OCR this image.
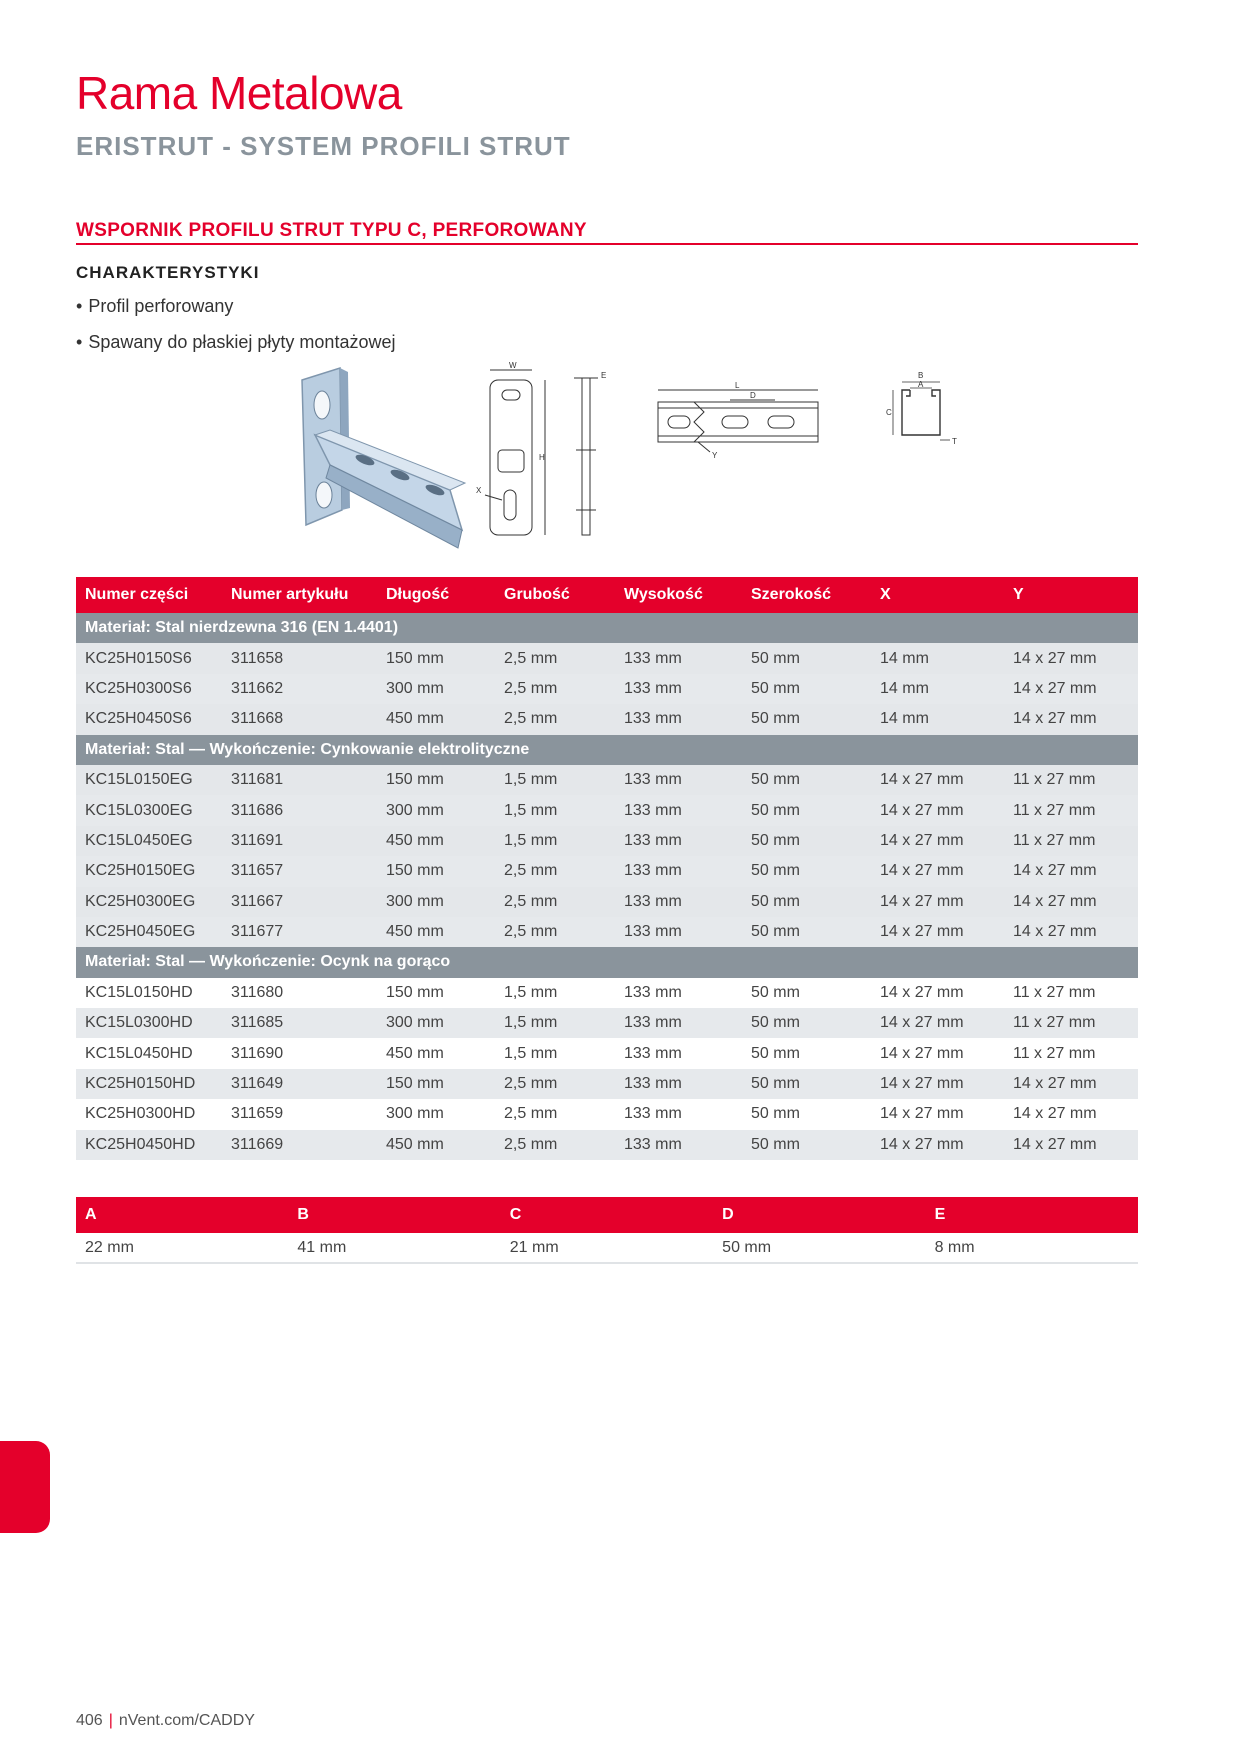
Rama Metalowa
ERISTRUT - SYSTEM PROFILI STRUT
WSPORNIK PROFILU STRUT TYPU C, PERFOROWANY
CHARAKTERYSTYKI
• Profil perforowany
• Spawany do płaskiej płyty montażowej
W
H
X
E
L
D
Y
B
A
C
T
Numer części	Numer artykułu	Długość	Grubość	Wysokość	Szerokość	X	Y
Materiał: Stal nierdzewna 316 (EN 1.4401)							
KC25H0150S6	311658	150 mm	2,5 mm	133 mm	50 mm	14 mm	14 x 27 mm
KC25H0300S6	311662	300 mm	2,5 mm	133 mm	50 mm	14 mm	14 x 27 mm
KC25H0450S6	311668	450 mm	2,5 mm	133 mm	50 mm	14 mm	14 x 27 mm
Materiał: Stal — Wykończenie: Cynkowanie elektrolityczne							
KC15L0150EG	311681	150 mm	1,5 mm	133 mm	50 mm	14 x 27 mm	11 x 27 mm
KC15L0300EG	311686	300 mm	1,5 mm	133 mm	50 mm	14 x 27 mm	11 x 27 mm
KC15L0450EG	311691	450 mm	1,5 mm	133 mm	50 mm	14 x 27 mm	11 x 27 mm
KC25H0150EG	311657	150 mm	2,5 mm	133 mm	50 mm	14 x 27 mm	14 x 27 mm
KC25H0300EG	311667	300 mm	2,5 mm	133 mm	50 mm	14 x 27 mm	14 x 27 mm
KC25H0450EG	311677	450 mm	2,5 mm	133 mm	50 mm	14 x 27 mm	14 x 27 mm
Materiał: Stal — Wykończenie: Ocynk na gorąco							
KC15L0150HD	311680	150 mm	1,5 mm	133 mm	50 mm	14 x 27 mm	11 x 27 mm
KC15L0300HD	311685	300 mm	1,5 mm	133 mm	50 mm	14 x 27 mm	11 x 27 mm
KC15L0450HD	311690	450 mm	1,5 mm	133 mm	50 mm	14 x 27 mm	11 x 27 mm
KC25H0150HD	311649	150 mm	2,5 mm	133 mm	50 mm	14 x 27 mm	14 x 27 mm
KC25H0300HD	311659	300 mm	2,5 mm	133 mm	50 mm	14 x 27 mm	14 x 27 mm
KC25H0450HD	311669	450 mm	2,5 mm	133 mm	50 mm	14 x 27 mm	14 x 27 mm
A	B	C	D	E
22 mm	41 mm	21 mm	50 mm	8 mm
406 | nVent.com/CADDY
